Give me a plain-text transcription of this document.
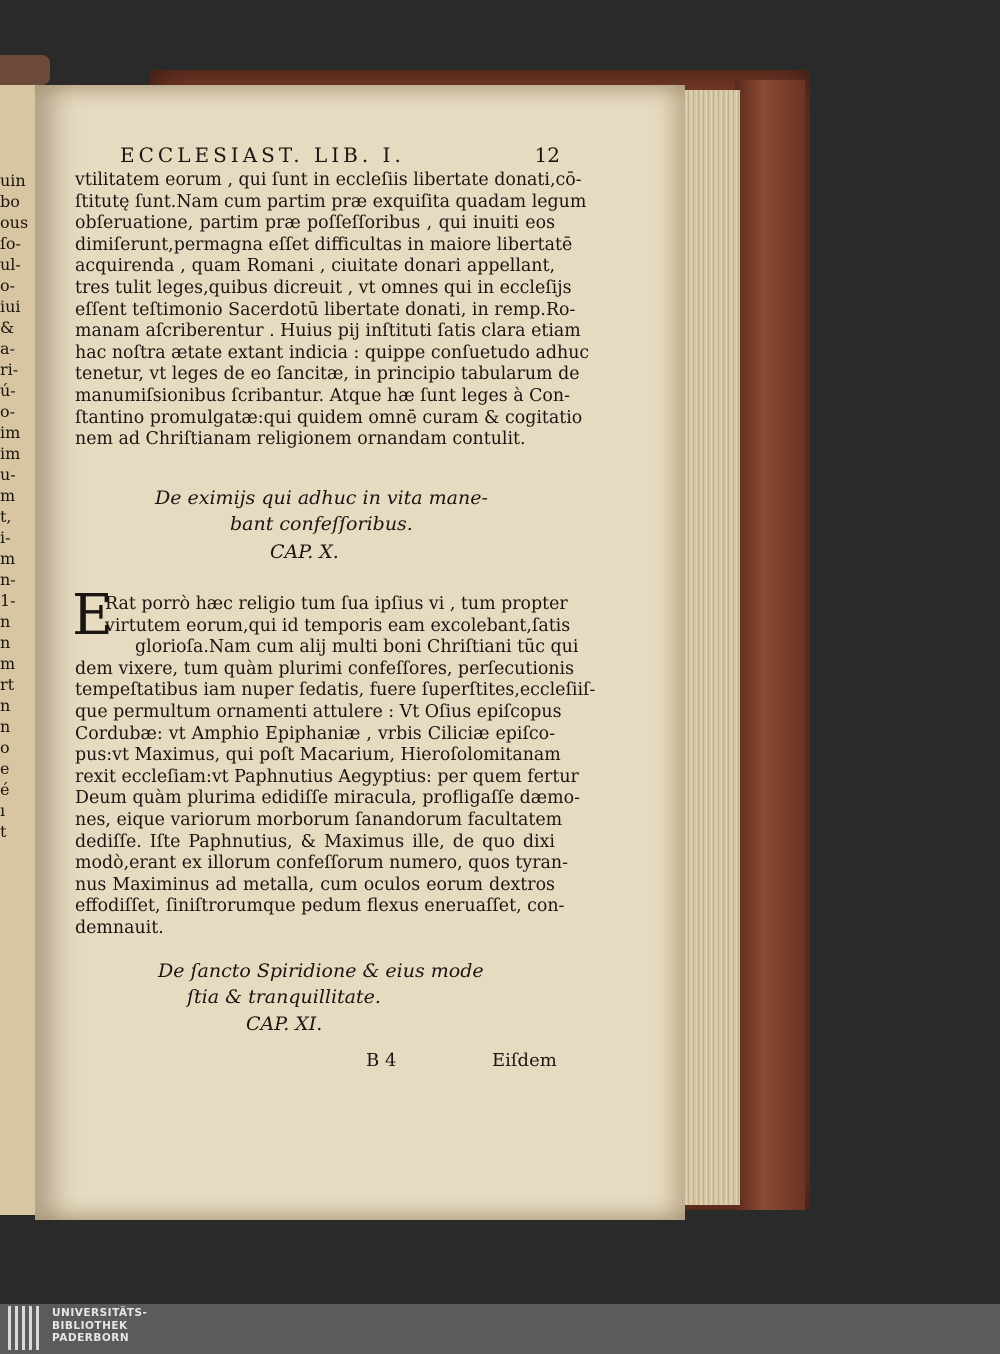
uin
bo
ous
ſo-
ul-
o-
iui
&
a-
ri-
ú-
o-
im
im
u-
m
t,
i-
m
n-
1-
n
n
m
rt
n
n
o
e
é
ı
t
ECCLESIAST. LIB. I.	12
vtilitatem eorum , qui ſunt in eccleſiis libertate donati,cō-
ſtitutę ſunt.Nam cum partim præ exquiſita quadam legum
obſeruatione, partim præ poſſeſſoribus , qui inuiti eos
dimiſerunt,permagna eſſet difficultas in maiore libertatē
acquirenda , quam Romani , ciuitate donari appellant,
tres tulit leges,quibus dicreuit , vt omnes qui in eccleſijs
eſſent teſtimonio Sacerdotū libertate donati, in remp.Ro-
manam aſcriberentur . Huius pij inſtituti ſatis clara etiam
hac noſtra ætate extant indicia : quippe conſuetudo adhuc
tenetur, vt leges de eo ſancitæ, in principio tabularum de
manumiſsionibus ſcribantur. Atque hæ ſunt leges à Con-
ſtantino promulgatæ:qui quidem omnē curam & cogitatio
nem ad Chriſtianam religionem ornandam contulit.
De eximijs qui adhuc in vita mane-
bant confeſſoribus.
CAP. X.
E
Rat porrò hæc religio tum ſua ipſius vi , tum propter
virtutem eorum,qui id temporis eam excolebant,ſatis
glorioſa.Nam cum alij multi boni Chriſtiani tūc qui
dem vixere, tum quàm plurimi confeſſores, perſecutionis
tempeſtatibus iam nuper ſedatis, fuere ſuperſtites,eccleſiiſ-
que permultum ornamenti attulere : Vt Oſius epiſcopus
Cordubæ: vt Amphio Epiphaniæ , vrbis Ciliciæ epiſco-
pus:vt Maximus, qui poſt Macarium, Hieroſolomitanam
rexit eccleſiam:vt Paphnutius Aegyptius: per quem fertur
Deum quàm plurima edidiſſe miracula, profligaſſe dæmo-
nes, eique variorum morborum ſanandorum facultatem
dediſſe. Iſte Paphnutius, & Maximus ille, de quo dixi
modò,erant ex illorum confeſſorum numero, quos tyran-
nus Maximinus ad metalla, cum oculos eorum dextros
effodiſſet, ſiniſtrorumque pedum flexus eneruaſſet, con-
demnauit.
De ſancto Spiridione & eius mode
ſtia & tranquillitate.
CAP. XI.
B 4	Eiſdem
UNIVERSITÄTS-
BIBLIOTHEK
PADERBORN
